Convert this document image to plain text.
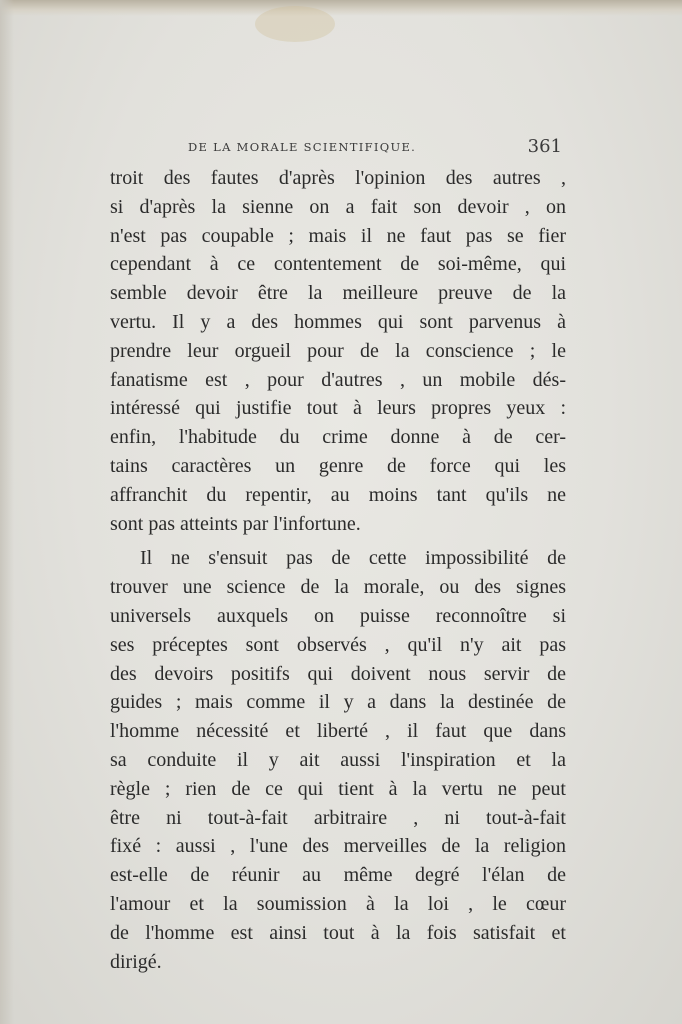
DE LA MORALE SCIENTIFIQUE.	361
troit des fautes d'après l'opinion des autres ,
si d'après la sienne on a fait son devoir , on
n'est pas coupable ; mais il ne faut pas se fier
cependant à ce contentement de soi-même, qui
semble devoir être la meilleure preuve de la
vertu. Il y a des hommes qui sont parvenus à
prendre leur orgueil pour de la conscience ; le
fanatisme est , pour d'autres , un mobile dés-
intéressé qui justifie tout à leurs propres yeux :
enfin, l'habitude du crime donne à de cer-
tains caractères un genre de force qui les
affranchit du repentir, au moins tant qu'ils ne
sont pas atteints par l'infortune.
Il ne s'ensuit pas de cette impossibilité de
trouver une science de la morale, ou des signes
universels auxquels on puisse reconnoître si
ses préceptes sont observés , qu'il n'y ait pas
des devoirs positifs qui doivent nous servir de
guides ; mais comme il y a dans la destinée de
l'homme nécessité et liberté , il faut que dans
sa conduite il y ait aussi l'inspiration et la
règle ; rien de ce qui tient à la vertu ne peut
être ni tout-à-fait arbitraire , ni tout-à-fait
fixé : aussi , l'une des merveilles de la religion
est-elle de réunir au même degré l'élan de
l'amour et la soumission à la loi , le cœur
de l'homme est ainsi tout à la fois satisfait et
dirigé.
